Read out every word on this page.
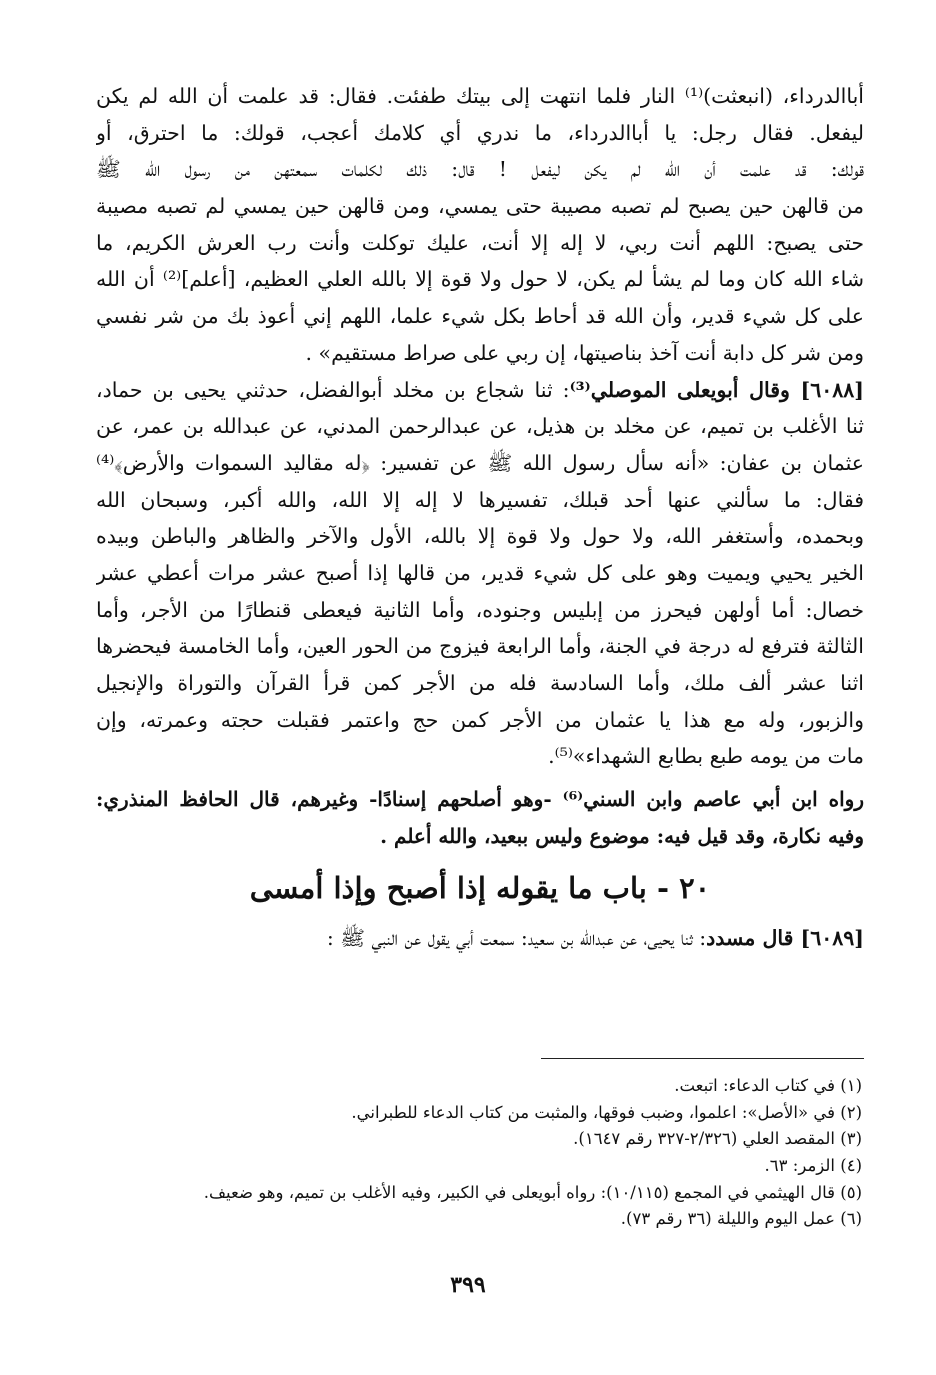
أباالدرداء، (انبعثت)⁽¹⁾ النار فلما انتهت إلى بيتك طفئت. فقال: قد علمت أن الله لم يكن
ليفعل. فقال رجل: يا أباالدرداء، ما ندري أي كلامك أعجب، قولك: ما احترق، أو
قولك: قد علمت أن الله لم يكن ليفعل ! قال: ذلك لكلمات سمعتهن من رسول الله ﷺ
من قالهن حين يصبح لم تصبه مصيبة حتى يمسي، ومن قالهن حين يمسي لم تصبه مصيبة
حتى يصبح: اللهم أنت ربي، لا إله إلا أنت، عليك توكلت وأنت رب العرش الكريم، ما
شاء الله كان وما لم يشأ لم يكن، لا حول ولا قوة إلا بالله العلي العظيم، [أعلم]⁽²⁾ أن الله
على كل شيء قدير، وأن الله قد أحاط بكل شيء علما، اللهم إني أعوذ بك من شر نفسي
ومن شر كل دابة أنت آخذ بناصيتها، إن ربي على صراط مستقيم» .
[٦٠٨٨] وقال أبويعلى الموصلي⁽³⁾: ثنا شجاع بن مخلد أبوالفضل، حدثني يحيى بن حماد،
ثنا الأغلب بن تميم، عن مخلد بن هذيل، عن عبدالرحمن المدني، عن عبدالله بن عمر، عن
عثمان بن عفان: «أنه سأل رسول الله ﷺ عن تفسير: ﴿له مقاليد السموات والأرض﴾⁽⁴⁾
فقال: ما سألني عنها أحد قبلك، تفسيرها لا إله إلا الله، والله أكبر، وسبحان الله
وبحمده، وأستغفر الله، ولا حول ولا قوة إلا بالله، الأول والآخر والظاهر والباطن وبيده
الخير يحيي ويميت وهو على كل شيء قدير، من قالها إذا أصبح عشر مرات أعطي عشر
خصال: أما أولهن فيحرز من إبليس وجنوده، وأما الثانية فيعطى قنطارًا من الأجر، وأما
الثالثة فترفع له درجة في الجنة، وأما الرابعة فيزوج من الحور العين، وأما الخامسة فيحضرها
اثنا عشر ألف ملك، وأما السادسة فله من الأجر كمن قرأ القرآن والتوراة والإنجيل
والزبور، وله مع هذا يا عثمان من الأجر كمن حج واعتمر فقبلت حجته وعمرته، وإن
مات من يومه طبع بطابع الشهداء»⁽⁵⁾.
رواه ابن أبي عاصم وابن السني⁽⁶⁾ -وهو أصلحهم إسنادًا- وغيرهم، قال الحافظ المنذري:
وفيه نكارة، وقد قيل فيه: موضوع وليس ببعيد، والله أعلم .
٢٠ - باب ما يقوله إذا أصبح وإذا أمسى
[٦٠٨٩] قال مسدد: ثنا يحيى، عن عبدالله بن سعيد: سمعت أبي يقول عن النبي ﷺ :
(١) في كتاب الدعاء: اتبعت.
(٢) في «الأصل»: اعلموا، وضبب فوقها، والمثبت من كتاب الدعاء للطبراني.
(٣) المقصد العلي (٢/٣٢٦-٣٢٧ رقم ١٦٤٧).
(٤) الزمر: ٦٣.
(٥) قال الهيثمي في المجمع (١٠/١١٥): رواه أبويعلى في الكبير، وفيه الأغلب بن تميم، وهو ضعيف.
(٦) عمل اليوم والليلة (٣٦ رقم ٧٣).
٣٩٩
